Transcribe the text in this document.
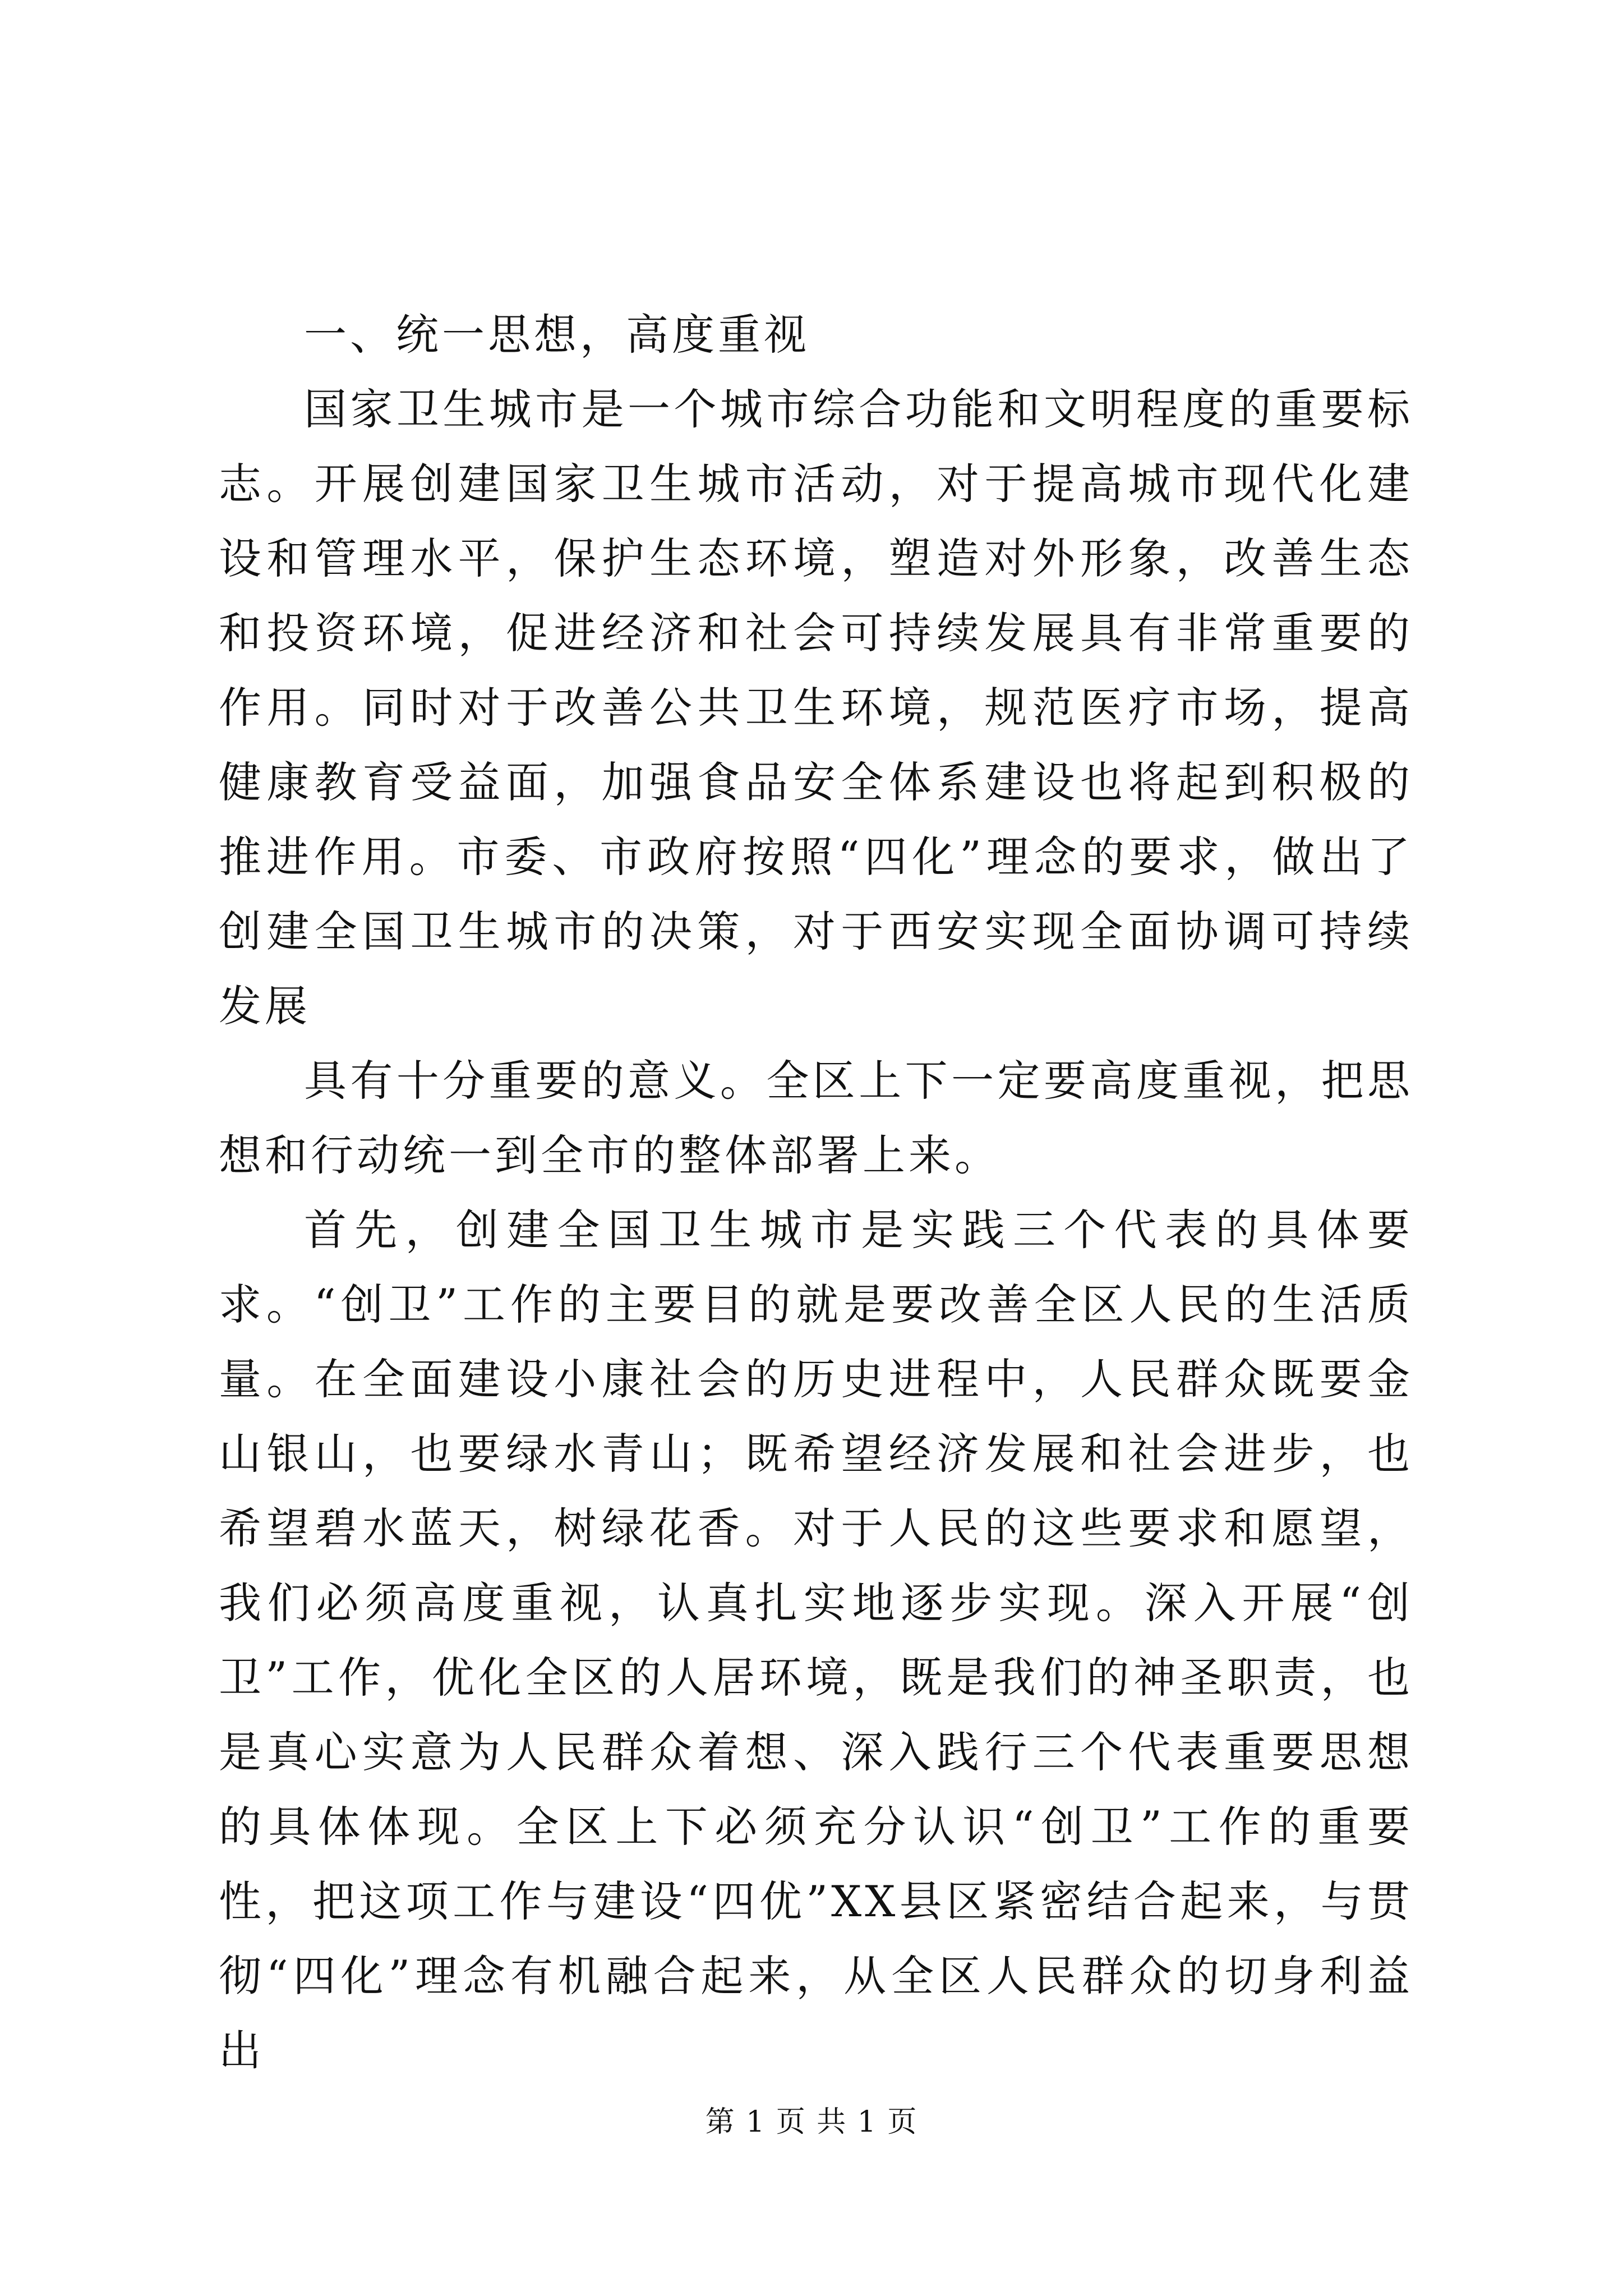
一、统一思想，高度重视

国家卫生城市是一个城市综合功能和文明程度的重要标志。开展创建国家卫生城市活动，对于提高城市现代化建设和管理水平，保护生态环境，塑造对外形象，改善生态和投资环境，促进经济和社会可持续发展具有非常重要的作用。同时对于改善公共卫生环境，规范医疗市场，提高健康教育受益面，加强食品安全体系建设也将起到积极的推进作用。市委、市政府按照“四化”理念的要求，做出了创建全国卫生城市的决策，对于西安实现全面协调可持续发展

具有十分重要的意义。全区上下一定要高度重视，把思想和行动统一到全市的整体部署上来。

首先，创建全国卫生城市是实践三个代表的具体要求。“创卫”工作的主要目的就是要改善全区人民的生活质量。在全面建设小康社会的历史进程中，人民群众既要金山银山，也要绿水青山；既希望经济发展和社会进步，也希望碧水蓝天，树绿花香。对于人民的这些要求和愿望，我们必须高度重视，认真扎实地逐步实现。深入开展“创卫”工作，优化全区的人居环境，既是我们的神圣职责，也是真心实意为人民群众着想、深入践行三个代表重要思想的具体体现。全区上下必须充分认识“创卫”工作的重要性，把这项工作与建设“四优”XX县区紧密结合起来，与贯彻“四化”理念有机融合起来，从全区人民群众的切身利益出

第 1 页 共 1 页
